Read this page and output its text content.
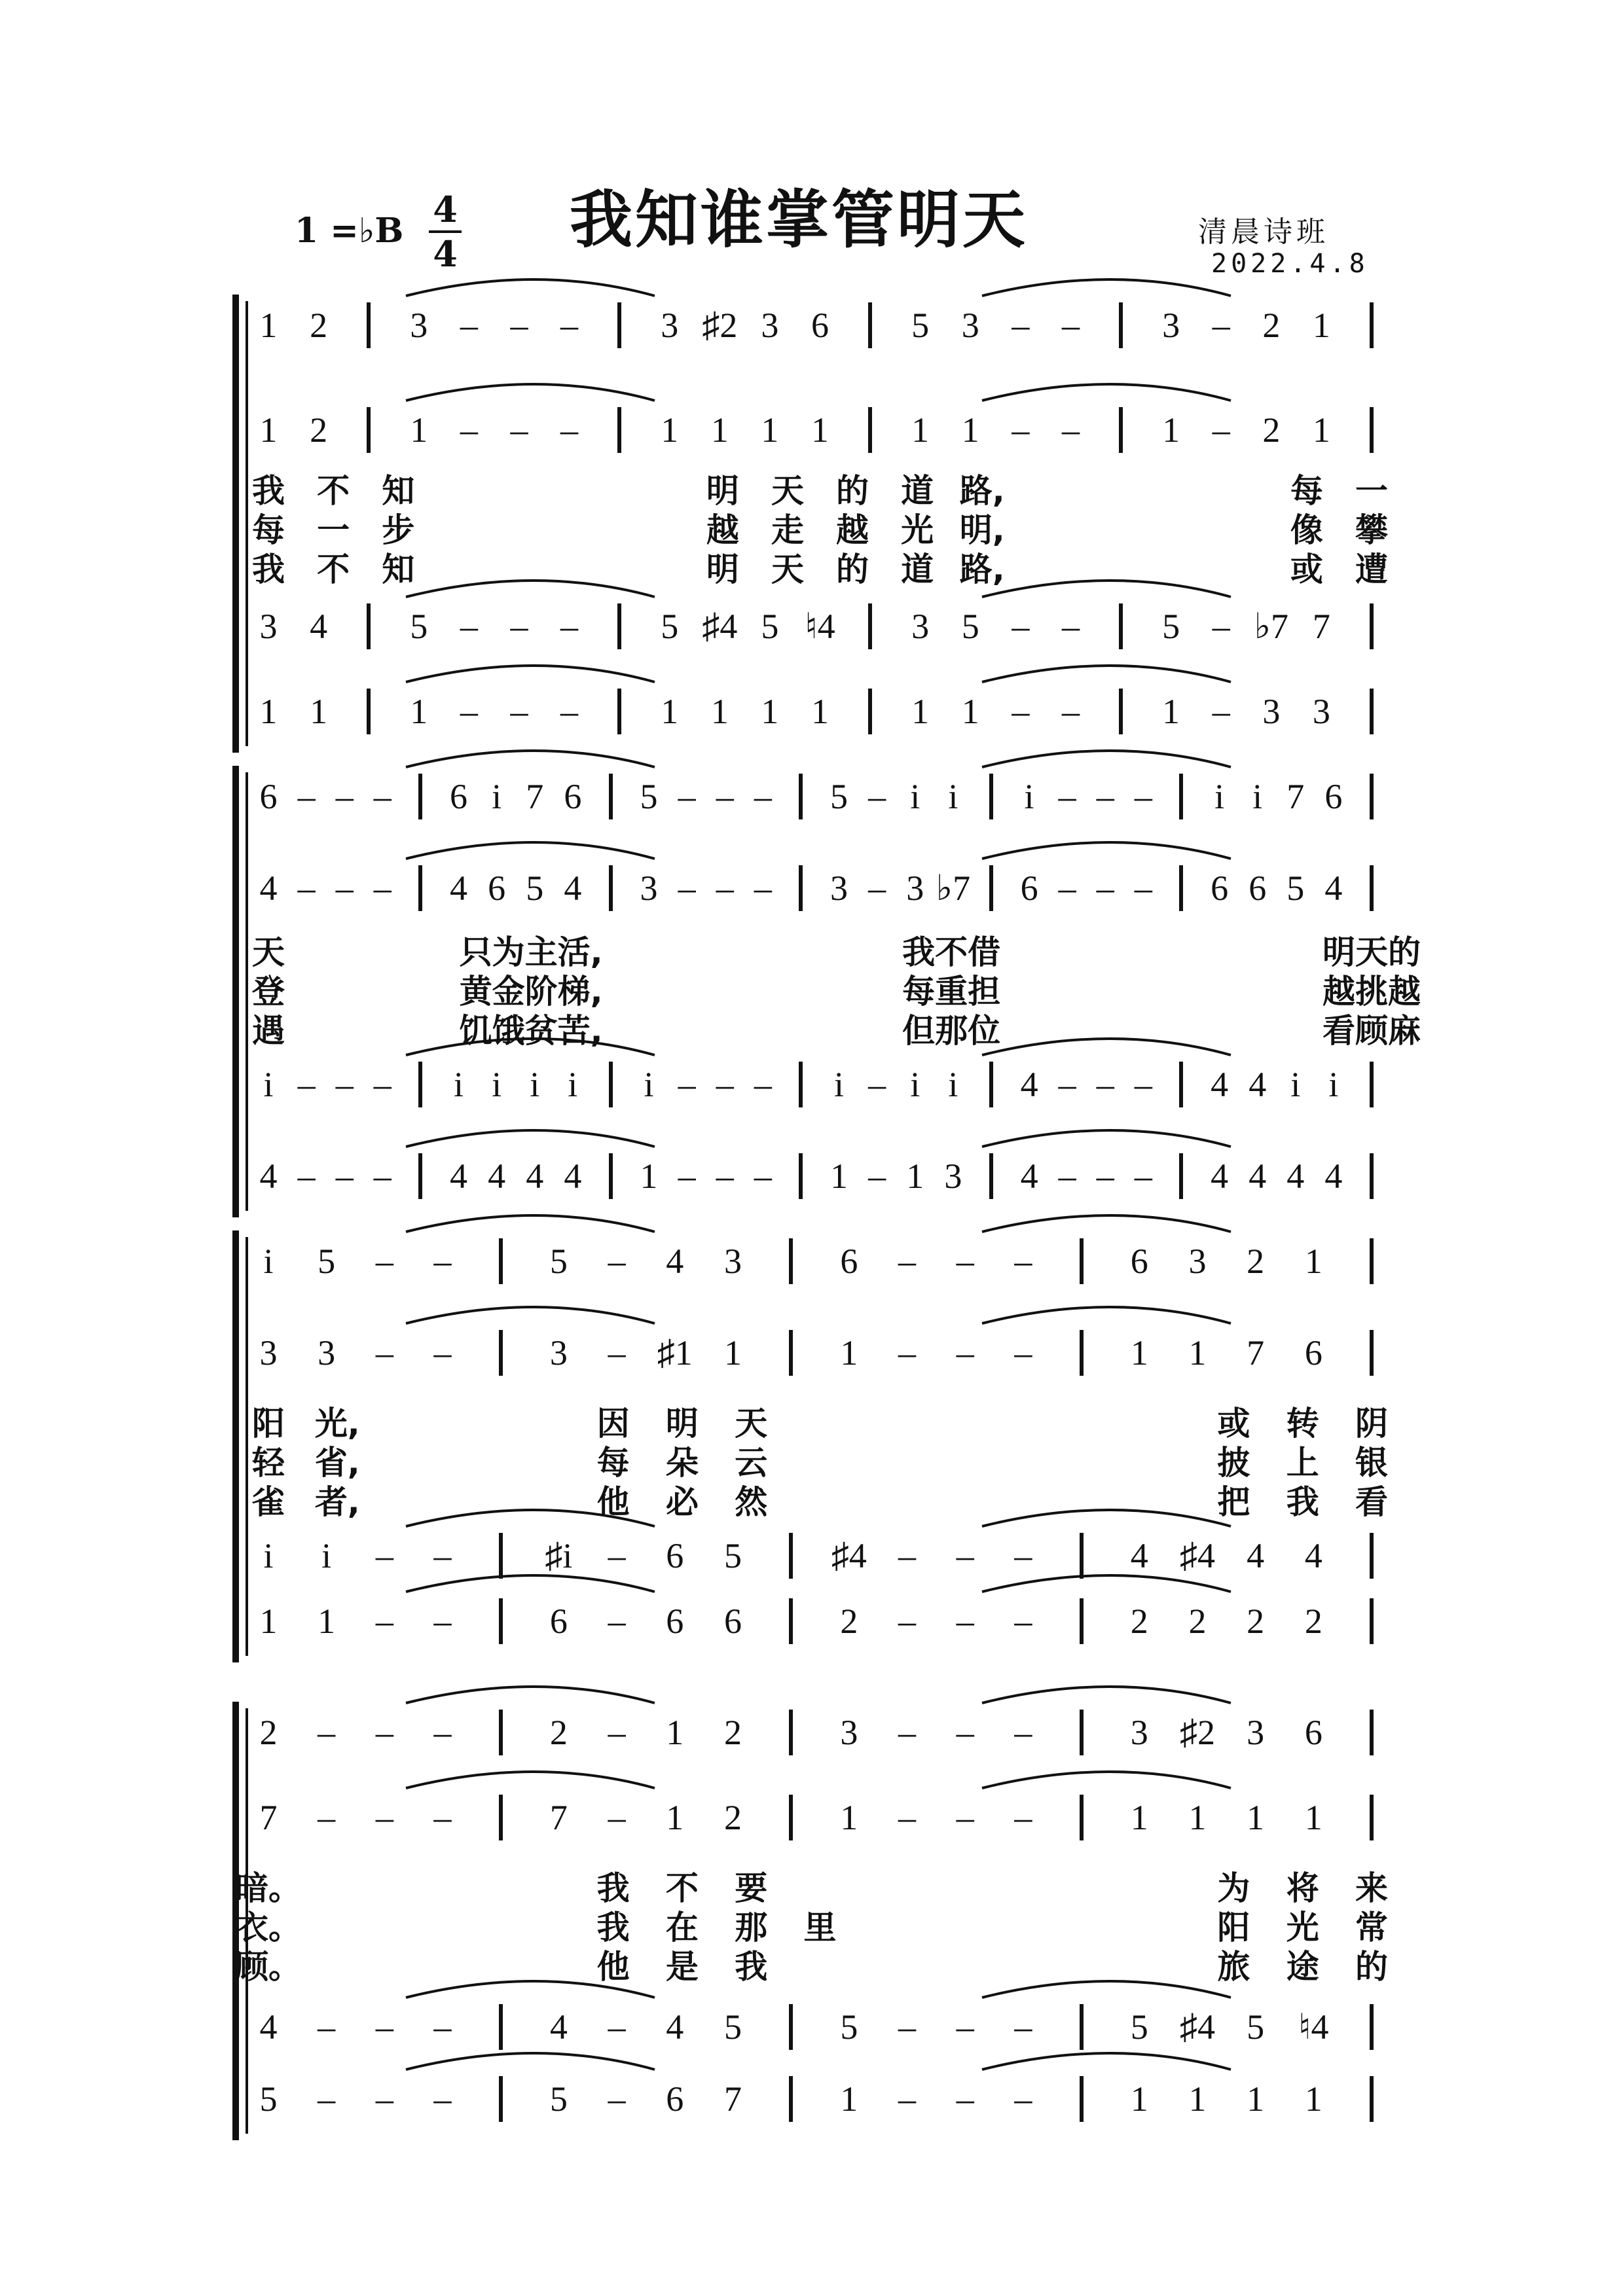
1 =♭B
4
4 我知谁掌管明天	清晨诗班
2022.4.8
1 2 3 – – – 3 ♯2 3 6 5 3 – – 3 – 2 1
1 2 1 – – – 1 1 1 1 1 1 – – 1 – 2 1
我 不 知	明 天 的 道 路,	每 一
每 一 步	越 走 越 光 明,	像 攀
我 不 知	明 天 的 道 路,	或 遭
3 4 5 – – – 5 ♯4 5 ♮4 3 5 – – 5 – ♭7 7
1 1 1 – – – 1 1 1 1 1 1 – – 1 – 3 3
6 – – – 6 i 7 6 5 – – – 5 – i i i – – – i i 7 6
4 – – – 4 6 5 4 3 – – – 3 – 3 ♭7 6 – – – 6 6 5 4
天	只为主活,	我不借	明天的
登	黄金阶梯,	每重担	越挑越
遇	饥饿贫苦,	但那位	看顾麻
i – – – i i i i i – – – i – i i 4 – – – 4 4 i i
4 – – – 4 4 4 4 1 – – – 1 – 1 3 4 – – – 4 4 4 4
i 5 – –	5 – 4 3	6 – – –	6 3 2 1
3 3 – –	3 – ♯1 1	1 – – –	1 1 7 6
阳 光,	因 明 天	或 转 阴
轻 省,	每 朵 云	披 上 银
雀 者,	他 必 然	把 我 看
i i – –	♯i – 6 5	♯4 – – –	4 ♯4 4 4
1 1 – –	6 – 6 6	2 – – –	2 2 2 2
2 – – –	2 – 1 2	3 – – –	3 ♯2 3 6
7 – – –	7 – 1 2	1 – – –	1 1 1 1
暗。	我 不 要	为 将 来
衣。	我 在 那 里	阳 光 常
顾。	他 是 我	旅 途 的
4 – – –	4 – 4 5	5 – – –	5 ♯4 5 ♮4
5 – – –	5 – 6 7	1 – – –	1 1 1 1
